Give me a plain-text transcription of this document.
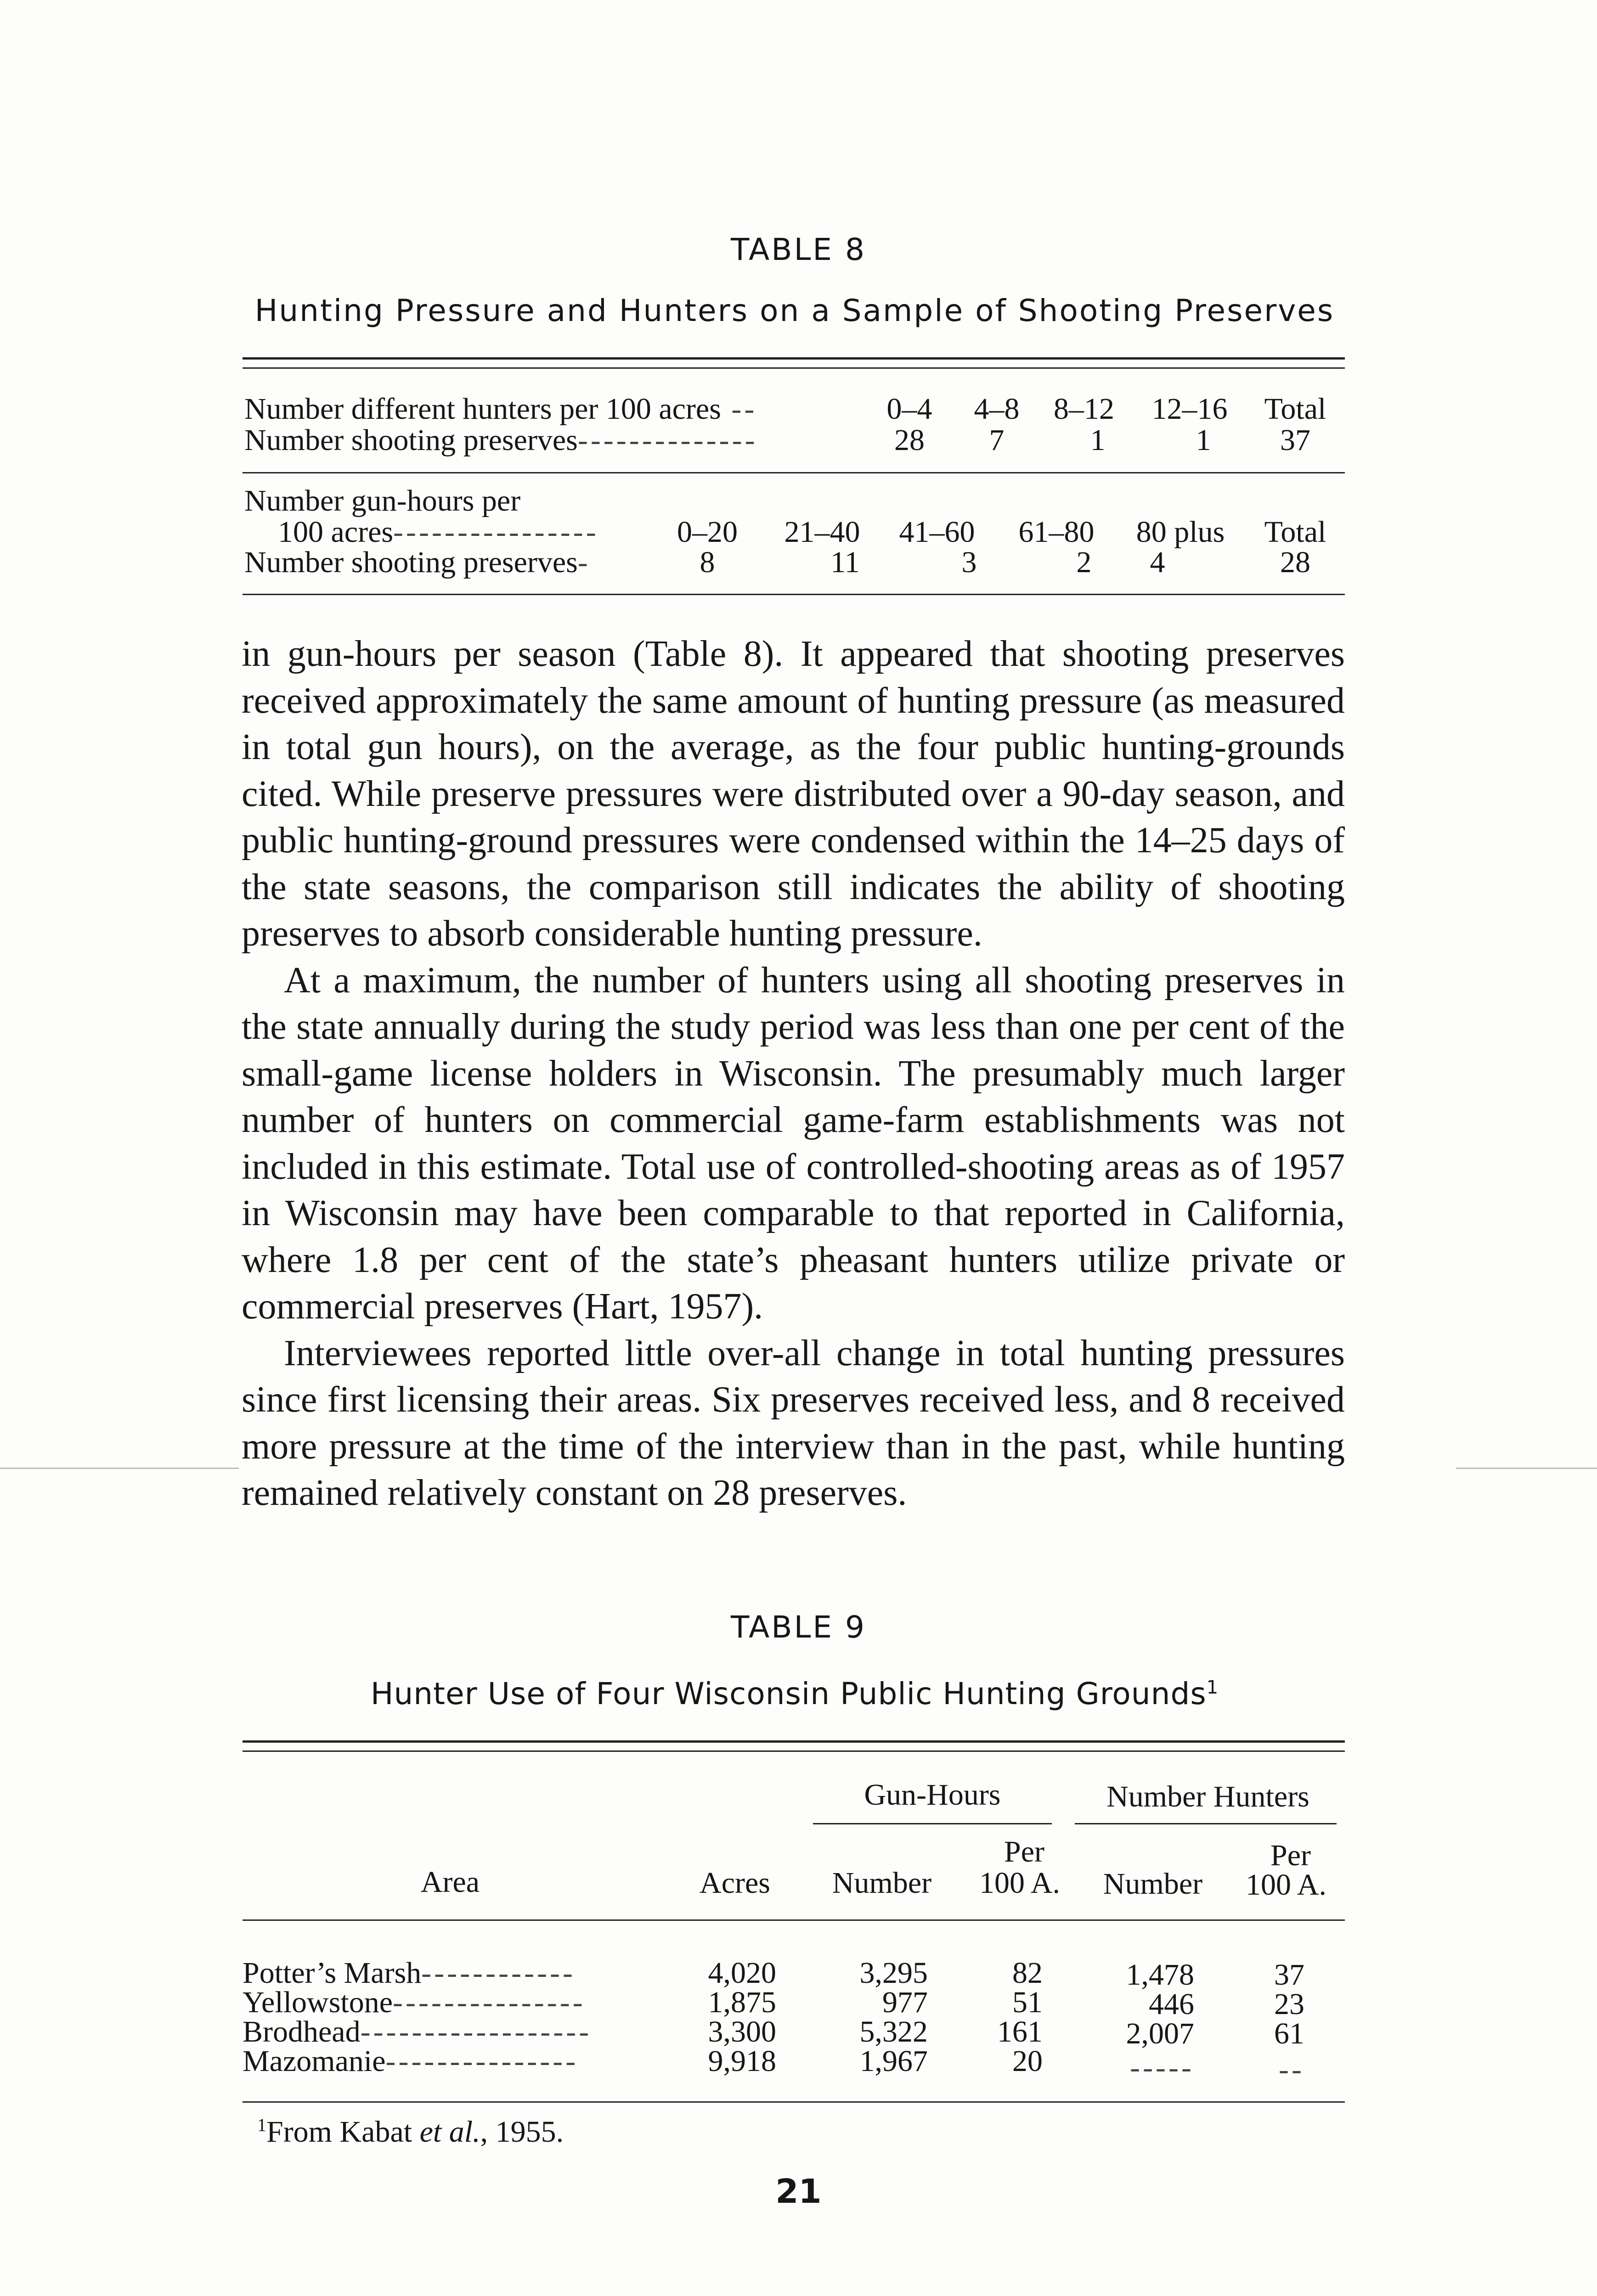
TABLE 8
Hunting Pressure and Hunters on a Sample of Shooting Preserves
Number different hunters per 100 acres --	0–4	4–8	8–12	12–16	Total
Number shooting preserves--------------	28	7	1	1	37
Number gun-hours per
100 acres----------------	0–20	21–40	41–60	61–80	80 plus	Total
Number shooting preserves-	8	11	3	2	4	28

in gun-hours per season (Table 8). It appeared that shooting preserves received approximately the same amount of hunting pressure (as measured in total gun hours), on the average, as the four public hunting-grounds cited. While preserve pressures were distributed over a 90-day season, and public hunting-ground pressures were condensed within the 14–25 days of the state seasons, the comparison still indicates the ability of shooting preserves to absorb considerable hunting pressure.

At a maximum, the number of hunters using all shooting preserves in the state annually during the study period was less than one per cent of the small-game license holders in Wisconsin. The presumably much larger number of hunters on commercial game-farm establishments was not included in this estimate. Total use of controlled-shooting areas as of 1957 in Wisconsin may have been comparable to that reported in California, where 1.8 per cent of the state’s pheasant hunters utilize private or commercial preserves (Hart, 1957).

Interviewees reported little over-all change in total hunting pressures since first licensing their areas. Six preserves received less, and 8 received more pressure at the time of the interview than in the past, while hunting remained relatively constant on 28 preserves.

TABLE 9
Hunter Use of Four Wisconsin Public Hunting Grounds$^1$
Gun-Hours	Number Hunters
Per	Per
Area	Acres	Number	100 A.	Number	100 A.
Potter’s Marsh------------	4,020	3,295	82	1,478	37
Yellowstone---------------	1,875	977	51	446	23
Brodhead------------------	3,300	5,322	161	2,007	61
Mazomanie---------------	9,918	1,967	20	-----	--
$^1$From Kabat et al., 1955.
21
